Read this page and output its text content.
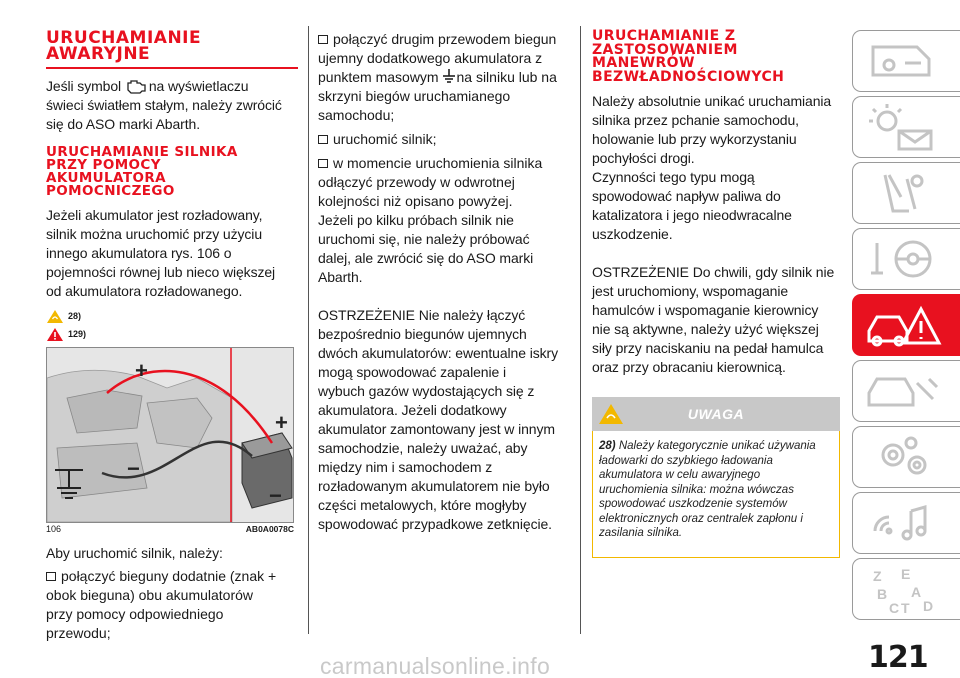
URUCHAMIANIE
AWARYJNE
Jeśli symbol na wyświetlaczu
świeci światłem stałym, należy zwrócić
się do ASO marki Abarth.
URUCHAMIANIE SILNIKA
PRZY POMOCY
AKUMULATORA
POMOCNICZEGO
Jeżeli akumulator jest rozładowany,
silnik można uruchomić przy użyciu
innego akumulatora rys. 106 o
pojemności równej lub nieco większej
od akumulatora rozładowanego.
28)
129)
+
+
−
−
106	AB0A0078C
Aby uruchomić silnik, należy:
połączyć bieguny dodatnie (znak +
obok bieguna) obu akumulatorów
przy pomocy odpowiedniego
przewodu;
połączyć drugim przewodem biegun
ujemny dodatkowego akumulatora z
punktem masowym na silniku lub na
skrzyni biegów uruchamianego
samochodu;
uruchomić silnik;
w momencie uruchomienia silnika
odłączyć przewody w odwrotnej
kolejności niż opisano powyżej.
Jeżeli po kilku próbach silnik nie
uruchomi się, nie należy próbować
dalej, ale zwrócić się do ASO marki
Abarth.
OSTRZEŻENIE Nie należy łączyć
bezpośrednio biegunów ujemnych
dwóch akumulatorów: ewentualne iskry
mogą spowodować zapalenie i
wybuch gazów wydostających się z
akumulatora. Jeżeli dodatkowy
akumulator zamontowany jest w innym
samochodzie, należy uważać, aby
między nim i samochodem z
rozładowanym akumulatorem nie było
części metalowych, które mogłyby
spowodować przypadkowe zetknięcie.
URUCHAMIANIE Z
ZASTOSOWANIEM
MANEWRÓW
BEZWŁADNOŚCIOWYCH
Należy absolutnie unikać uruchamiania
silnika przez pchanie samochodu,
holowanie lub przy wykorzystaniu
pochyłości drogi.
Czynności tego typu mogą
spowodować napływ paliwa do
katalizatora i jego nieodwracalne
uszkodzenie.
OSTRZEŻENIE Do chwili, gdy silnik nie
jest uruchomiony, wspomaganie
hamulców i wspomaganie kierownicy
nie są aktywne, należy użyć większej
siły przy naciskaniu na pedał hamulca
oraz przy obracaniu kierownicą.
UWAGA
28) Należy kategorycznie unikać używania
ładowarki do szybkiego ładowania
akumulatora w celu awaryjnego
uruchomienia silnika: można wówczas
spowodować uszkodzenie systemów
elektronicznych oraz centralek zapłonu i
zasilania silnika.
Z E
B A
C T D
121
carmanualsonline.info
